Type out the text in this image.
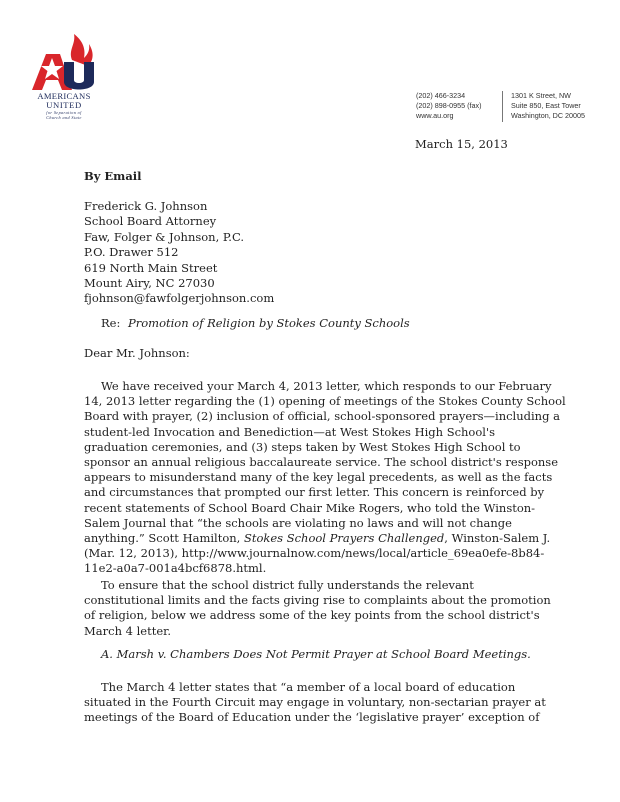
AMERICANS
UNITED
for Separation of
Church and State
(202) 466-3234
(202) 898-0955 (fax)
www.au.org
1301 K Street, NW
Suite 850, East Tower
Washington, DC 20005
March 15, 2013
By Email
Frederick G. Johnson
School Board Attorney
Faw, Folger & Johnson, P.C.
P.O. Drawer 512
619 North Main Street
Mount Airy, NC 27030
fjohnson@fawfolgerjohnson.com
Re: Promotion of Religion by Stokes County Schools
Dear Mr. Johnson:
We have received your March 4, 2013 letter, which responds to our February
14, 2013 letter regarding the (1) opening of meetings of the Stokes County School
Board with prayer, (2) inclusion of official, school-sponsored prayers—including a
student-led Invocation and Benediction—at West Stokes High School's
graduation ceremonies, and (3) steps taken by West Stokes High School to
sponsor an annual religious baccalaureate service. The school district's response
appears to misunderstand many of the key legal precedents, as well as the facts
and circumstances that prompted our first letter. This concern is reinforced by
recent statements of School Board Chair Mike Rogers, who told the Winston-
Salem Journal that “the schools are violating no laws and will not change
anything.” Scott Hamilton, Stokes School Prayers Challenged, Winston-Salem J.
(Mar. 12, 2013), http://www.journalnow.com/news/local/article_69ea0efe-8b84-
11e2-a0a7-001a4bcf6878.html.
To ensure that the school district fully understands the relevant
constitutional limits and the facts giving rise to complaints about the promotion
of religion, below we address some of the key points from the school district's
March 4 letter.
A. Marsh v. Chambers Does Not Permit Prayer at School Board Meetings.
The March 4 letter states that “a member of a local board of education
situated in the Fourth Circuit may engage in voluntary, non-sectarian prayer at
meetings of the Board of Education under the ‘legislative prayer’ exception of
